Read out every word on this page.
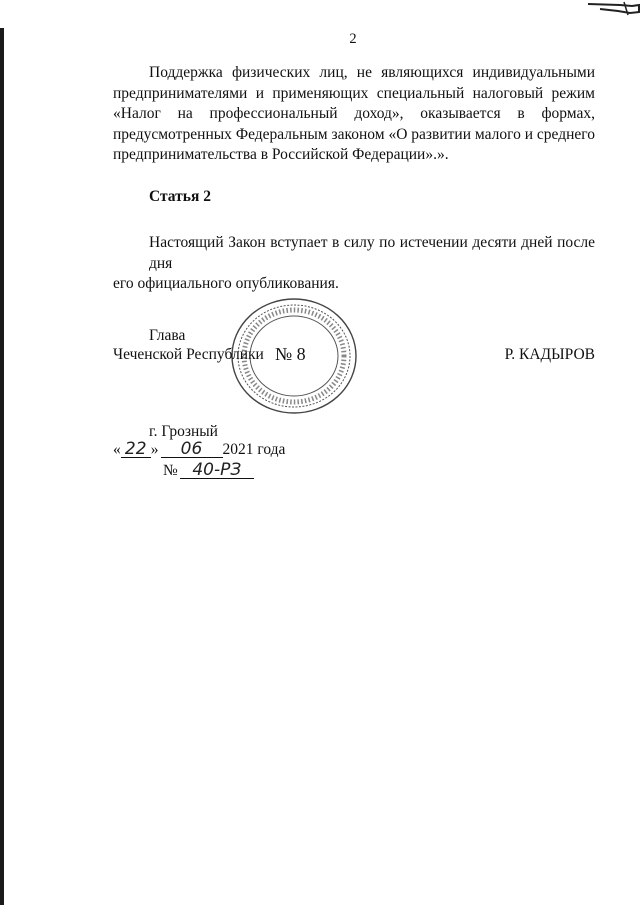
2
Поддержка физических лиц, не являющихся индивидуальными
предпринимателями и применяющих специальный налоговый режим
«Налог на профессиональный доход», оказывается в формах,
предусмотренных Федеральным законом «О развитии малого и среднего
предпринимательства в Российской Федерации».».
Статья 2
Настоящий Закон вступает в силу по истечении десяти дней после дня
его официального опубликования.
Глава
Чеченской Республики № 8	Р. КАДЫРОВ
г. Грозный
« 22 » 06 2021 года
№ 40-РЗ
